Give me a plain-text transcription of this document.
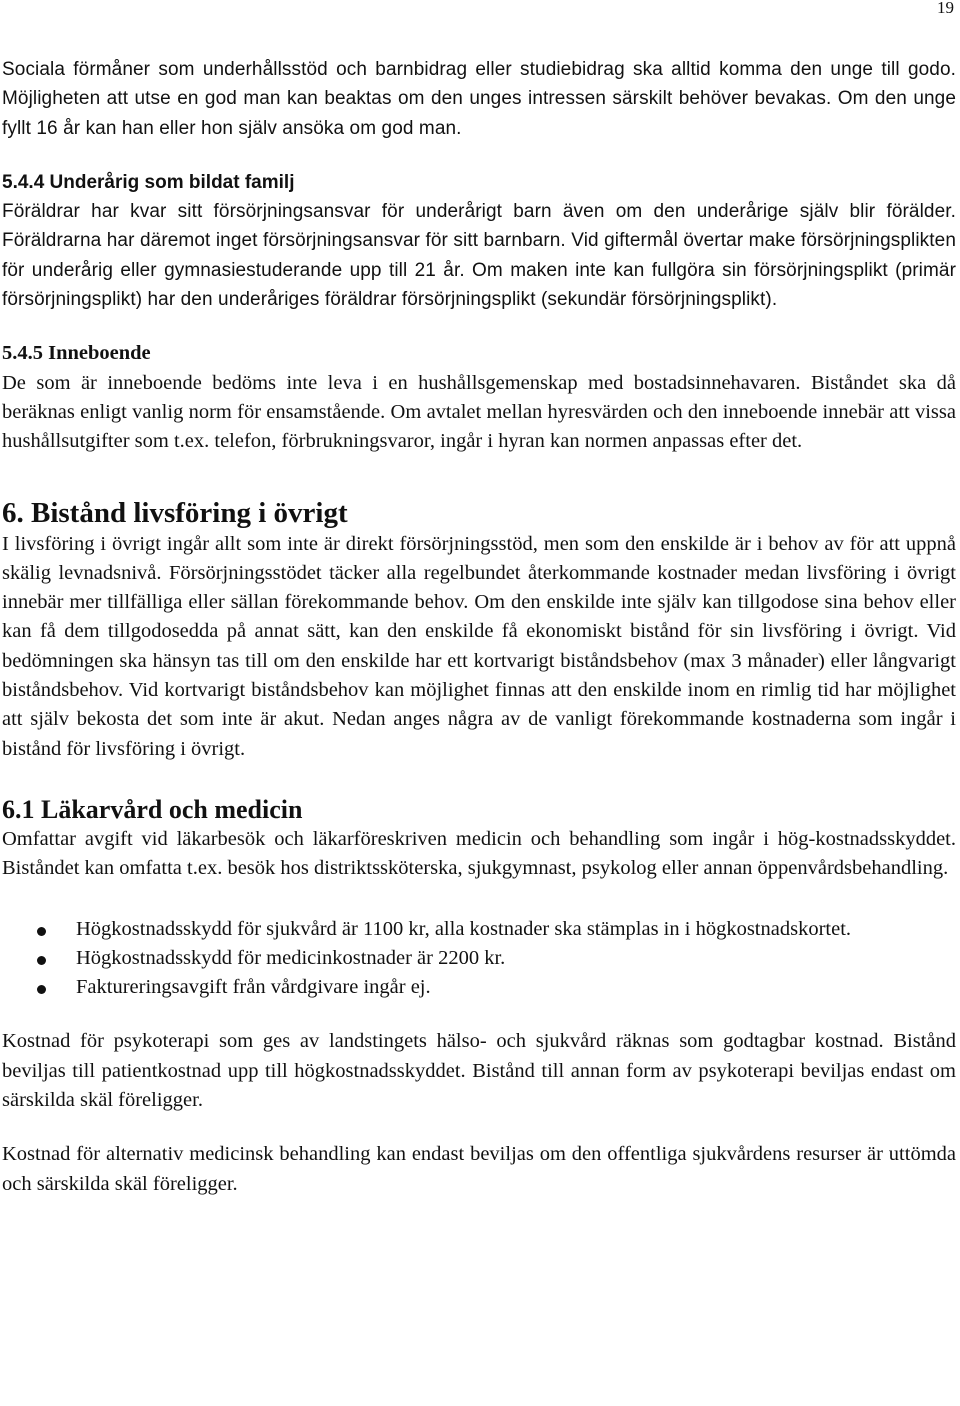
19

Sociala förmåner som underhållsstöd och barnbidrag eller studiebidrag ska alltid komma den unge till godo. Möjligheten att utse en god man kan beaktas om den unges intressen särskilt behöver bevakas. Om den unge fyllt 16 år kan han eller hon själv ansöka om god man.

5.4.4 Underårig som bildat familj

Föräldrar har kvar sitt försörjningsansvar för underårigt barn även om den underårige själv blir förälder. Föräldrarna har däremot inget försörjningsansvar för sitt barnbarn. Vid giftermål övertar make försörjningsplikten för underårig eller gymnasiestuderande upp till 21 år. Om maken inte kan fullgöra sin försörjningsplikt (primär försörjningsplikt) har den underåriges föräldrar försörjningsplikt (sekundär försörjningsplikt).

5.4.5 Inneboende

De som är inneboende bedöms inte leva i en hushållsgemenskap med bostadsinnehavaren. Biståndet ska då beräknas enligt vanlig norm för ensamstående. Om avtalet mellan hyresvärden och den inneboende innebär att vissa hushållsutgifter som t.ex. telefon, förbrukningsvaror, ingår i hyran kan normen anpassas efter det.

6. Bistånd livsföring i övrigt

I livsföring i övrigt ingår allt som inte är direkt försörjningsstöd, men som den enskilde är i behov av för att uppnå skälig levnadsnivå. Försörjningsstödet täcker alla regelbundet återkommande kostnader medan livsföring i övrigt innebär mer tillfälliga eller sällan förekommande behov. Om den enskilde inte själv kan tillgodose sina behov eller kan få dem tillgodosedda på annat sätt, kan den enskilde få ekonomiskt bistånd för sin livsföring i övrigt. Vid bedömningen ska hänsyn tas till om den enskilde har ett kortvarigt biståndsbehov (max 3 månader) eller långvarigt biståndsbehov. Vid kortvarigt biståndsbehov kan möjlighet finnas att den enskilde inom en rimlig tid har möjlighet att själv bekosta det som inte är akut. Nedan anges några av de vanligt förekommande kostnaderna som ingår i bistånd för livsföring i övrigt.

6.1 Läkarvård och medicin

Omfattar avgift vid läkarbesök och läkarföreskriven medicin och behandling som ingår i hög-kostnadsskyddet. Biståndet kan omfatta t.ex. besök hos distriktssköterska, sjukgymnast, psykolog eller annan öppenvårdsbehandling.

Högkostnadsskydd för sjukvård är 1100 kr, alla kostnader ska stämplas in i högkostnadskortet.
Högkostnadsskydd för medicinkostnader är 2200 kr.
Faktureringsavgift från vårdgivare ingår ej.

Kostnad för psykoterapi som ges av landstingets hälso- och sjukvård räknas som godtagbar kostnad. Bistånd beviljas till patientkostnad upp till högkostnadsskyddet. Bistånd till annan form av psykoterapi beviljas endast om särskilda skäl föreligger.

Kostnad för alternativ medicinsk behandling kan endast beviljas om den offentliga sjukvårdens resurser är uttömda och särskilda skäl föreligger.
